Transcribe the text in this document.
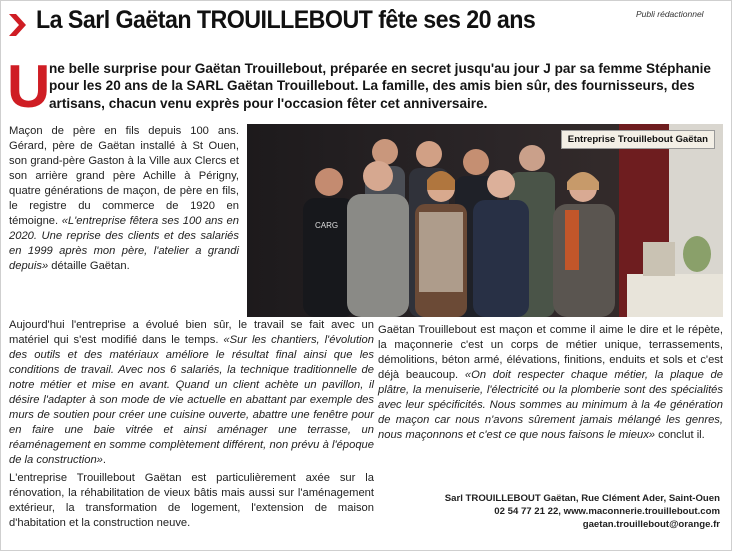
La Sarl Gaëtan TROUILLEBOUT fête ses 20 ans	Publi rédactionnel
U
ne belle surprise pour Gaëtan Trouillebout, préparée en secret jusqu'au jour J par sa femme Stéphanie
pour les 20 ans de la SARL Gaëtan Trouillebout. La famille, des amis bien sûr, des fournisseurs, des
artisans, chacun venu exprès pour l'occasion fêter cet anniversaire.

Maçon de père en fils depuis 100 ans. Gérard, père de Gaëtan installé à St Ouen, son grand-père Gaston à la Ville aux Clercs et son arrière grand père Achille à Périgny, quatre générations de maçon, de père en fils, le registre du commerce de 1920 en témoigne. «L'entreprise fêtera ses 100 ans en 2020. Une reprise des clients et des salariés en 1999 après mon père, l'atelier a grandi depuis» détaille Gaëtan.

Aujourd'hui l'entreprise a évolué bien sûr, le travail se fait avec un matériel qui s'est modifié dans le temps. «Sur les chantiers, l'évolution des outils et des matériaux améliore le résultat final ainsi que les conditions de travail. Avec nos 6 salariés, la technique traditionnelle de notre métier et mise en avant. Quand un client achète un pavillon, il désire l'adapter à son mode de vie actuelle en abattant par exemple des murs de soutien pour créer une cuisine ouverte, abattre une fenêtre pour en faire une baie vitrée et ainsi aménager une terrasse, un réaménagement en somme complètement différent, non prévu à l'époque de la construction».

L'entreprise Trouillebout Gaëtan est particulièrement axée sur la rénovation, la réhabilitation de vieux bâtis mais aussi sur l'aménagement extérieur, la transformation de logement, l'extension de maison d'habitation et la construction neuve.

CARG
Entreprise Trouillebout Gaëtan

Gaëtan Trouillebout est maçon et comme il aime le dire et le répète, la maçonnerie c'est un corps de métier unique, terrassements, démolitions, béton armé, élévations, finitions, enduits et sols et c'est déjà beaucoup. «On doit respecter chaque métier, la plaque de plâtre, la menuiserie, l'électricité ou la plomberie sont des spécialités avec leur spécificités. Nous sommes au minimum à la 4e génération de maçon car nous n'avons sûrement jamais mélangé les genres, nous maçonnons et c'est ce que nous faisons le mieux» conclut il.

Sarl TROUILLEBOUT Gaëtan, Rue Clément Ader, Saint-Ouen
02 54 77 21 22, www.maconnerie.trouillebout.com
gaetan.trouillebout@orange.fr
